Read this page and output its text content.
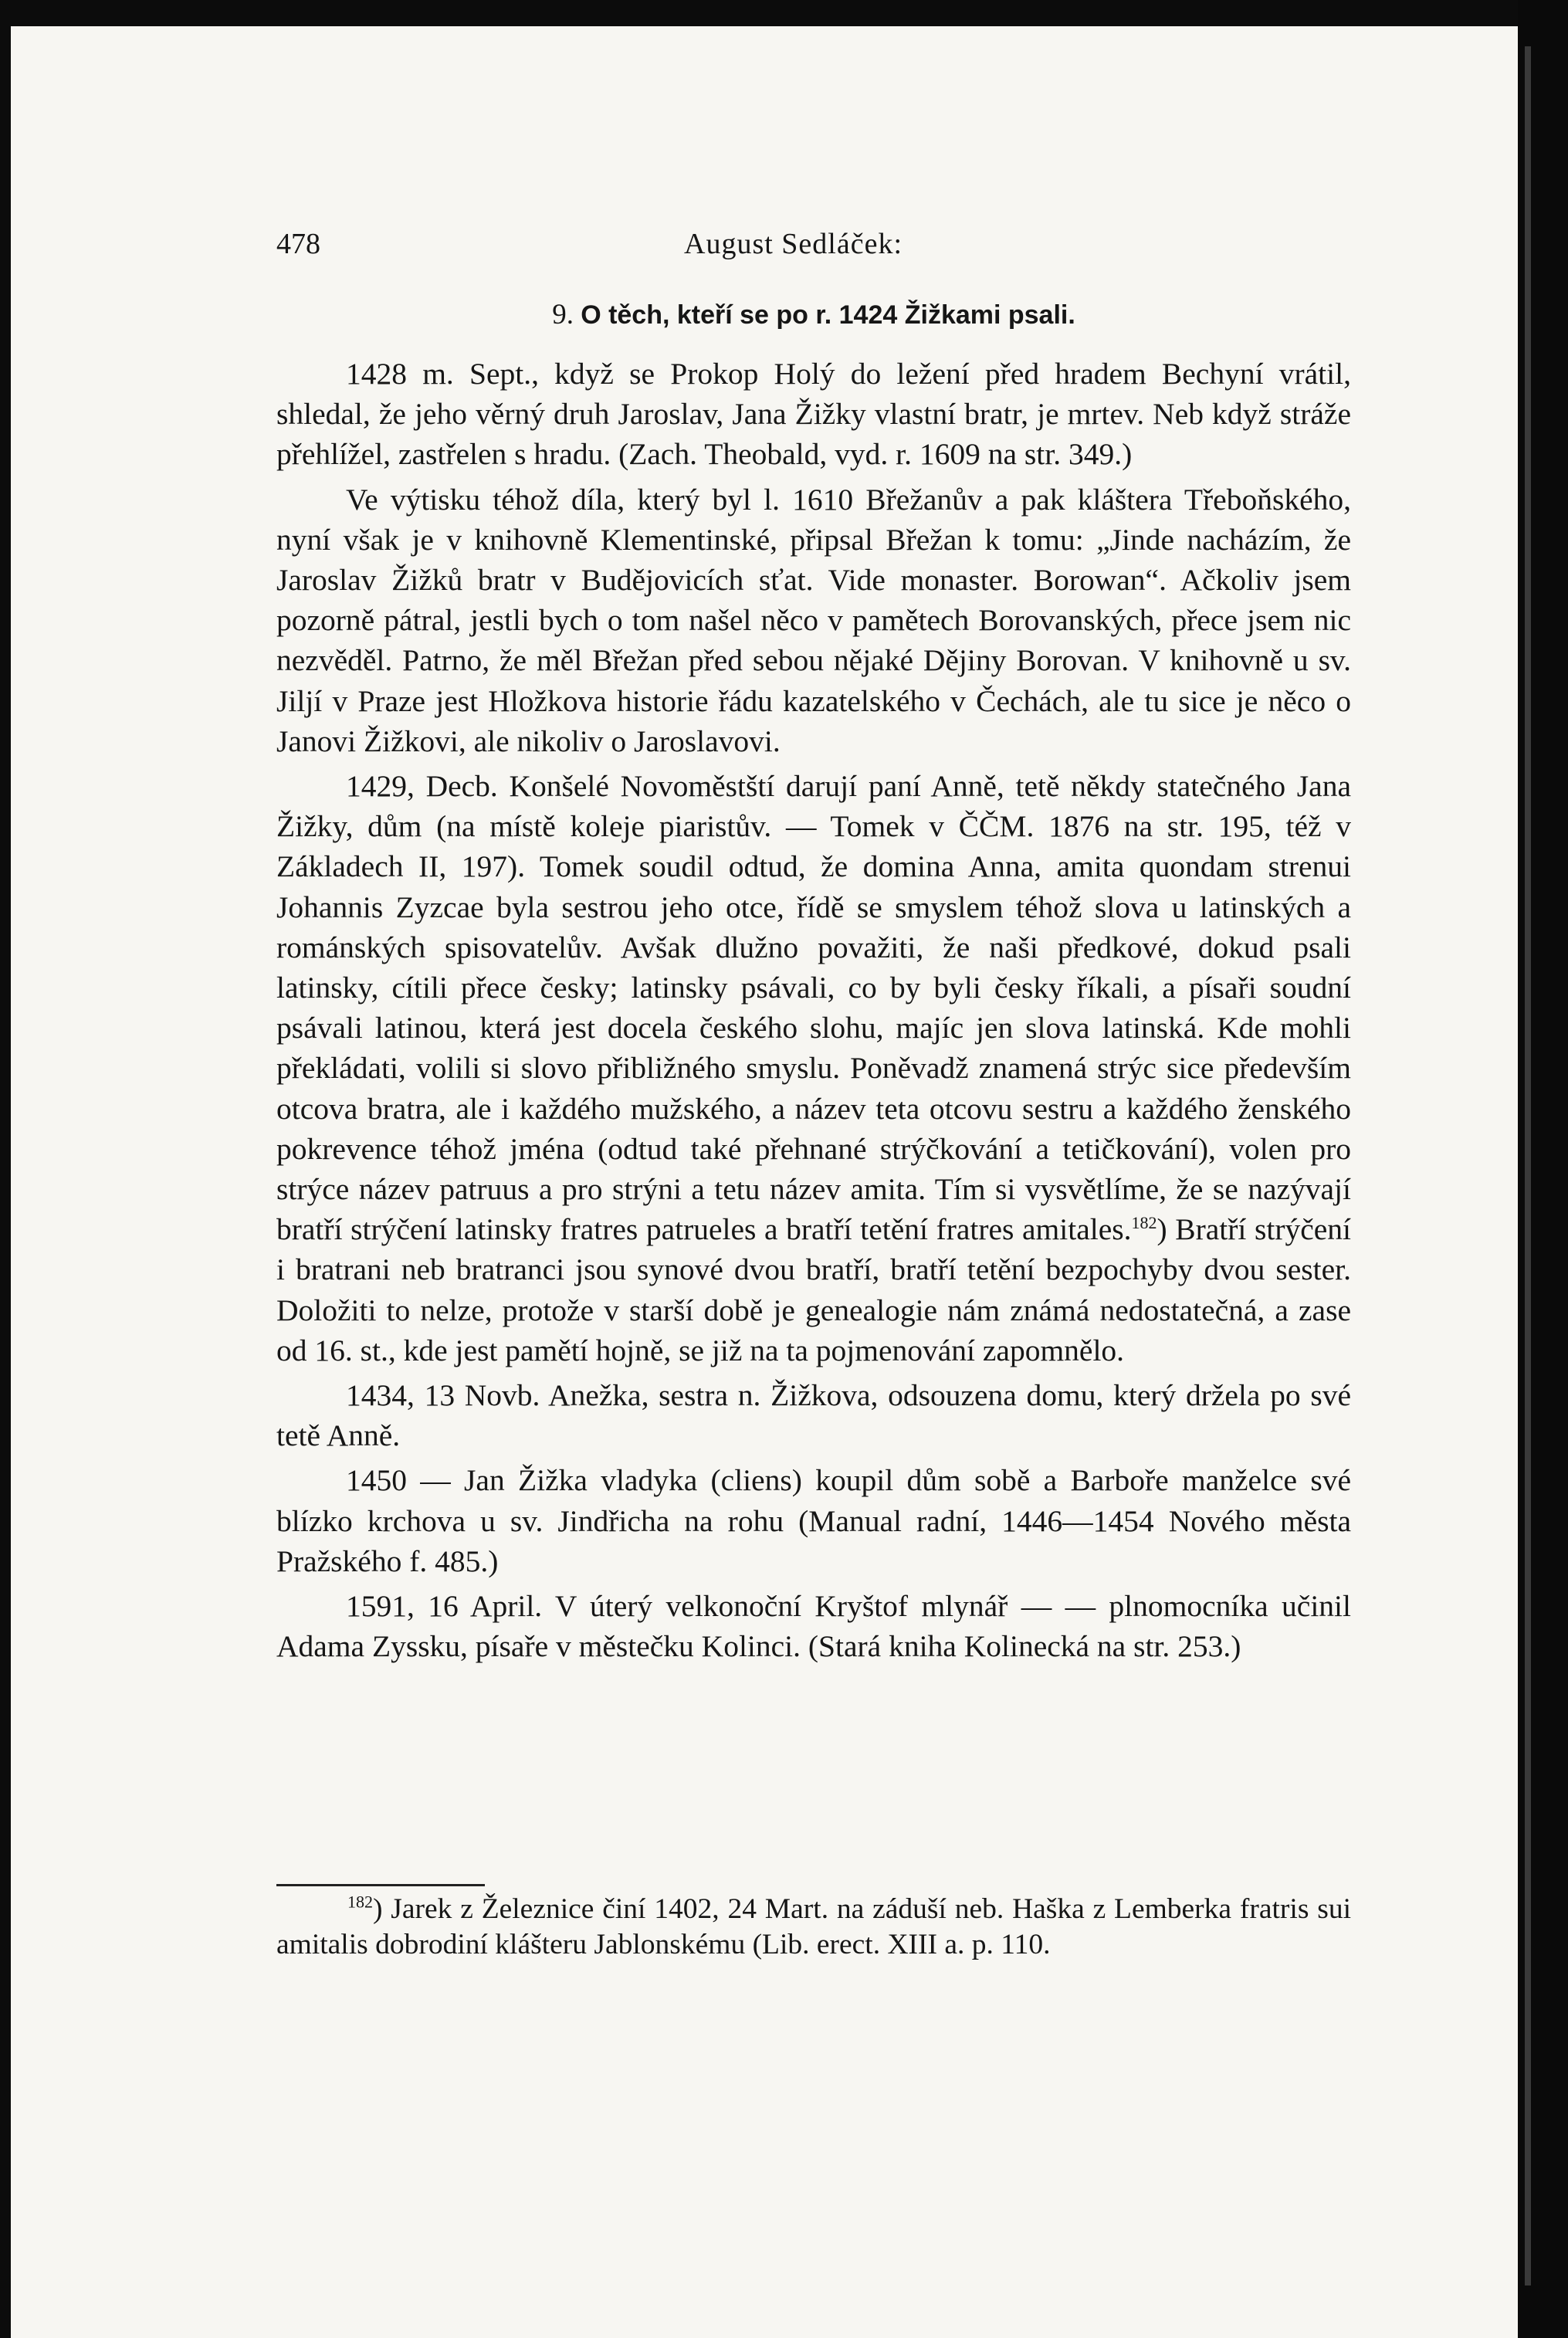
478	August Sedláček:
9. O těch, kteří se po r. 1424 Žižkami psali.

1428 m. Sept., když se Prokop Holý do ležení před hradem Bechyní vrátil, shledal, že jeho věrný druh Jaroslav, Jana Žižky vlastní bratr, je mrtev. Neb když stráže přehlížel, zastřelen s hradu. (Zach. Theobald, vyd. r. 1609 na str. 349.)

Ve výtisku téhož díla, který byl l. 1610 Břežanův a pak kláštera Třeboňského, nyní však je v knihovně Klementinské, připsal Břežan k tomu: „Jinde nacházím, že Jaroslav Žižků bratr v Budějovicích sťat. Vide monaster. Borowan“. Ačkoliv jsem pozorně pátral, jestli bych o tom našel něco v pamětech Borovanských, přece jsem nic nezvěděl. Patrno, že měl Břežan před sebou nějaké Dějiny Borovan. V knihovně u sv. Jiljí v Praze jest Hložkova historie řádu kazatelského v Čechách, ale tu sice je něco o Janovi Žižkovi, ale nikoliv o Jaroslavovi.

1429, Decb. Konšelé Novoměstští darují paní Anně, tetě někdy statečného Jana Žižky, dům (na místě koleje piaristův. — Tomek v ČČM. 1876 na str. 195, též v Základech II, 197). Tomek soudil odtud, že domina Anna, amita quondam strenui Johannis Zyzcae byla sestrou jeho otce, řídě se smyslem téhož slova u latinských a románských spisovatelův. Avšak dlužno považiti, že naši předkové, dokud psali latinsky, cítili přece česky; latinsky psávali, co by byli česky říkali, a písaři soudní psávali latinou, která jest docela českého slohu, majíc jen slova latinská. Kde mohli překládati, volili si slovo přibližného smyslu. Poněvadž znamená strýc sice především otcova bratra, ale i každého mužského, a název teta otcovu sestru a každého ženského pokrevence téhož jména (odtud také přehnané strýčkování a tetičkování), volen pro strýce název patruus a pro strýni a tetu název amita. Tím si vysvětlíme, že se nazývají bratří strýčení latinsky fratres patrueles a bratří tetění fratres amitales.$^{182}$) Bratří strýčení i bratrani neb bratranci jsou synové dvou bratří, bratří tetění bezpochyby dvou sester. Doložiti to nelze, protože v starší době je genealogie nám známá nedostatečná, a zase od 16. st., kde jest pamětí hojně, se již na ta pojmenování zapomnělo.

1434, 13 Novb. Anežka, sestra n. Žižkova, odsouzena domu, který držela po své tetě Anně.

1450 — Jan Žižka vladyka (cliens) koupil dům sobě a Barboře manželce své blízko krchova u sv. Jindřicha na rohu (Manual radní, 1446—1454 Nového města Pražského f. 485.)

1591, 16 April. V úterý velkonoční Kryštof mlynář — — plnomocníka učinil Adama Zyssku, písaře v městečku Kolinci. (Stará kniha Kolinecká na str. 253.)

$^{182}$) Jarek z Železnice činí 1402, 24 Mart. na záduší neb. Haška z Lemberka fratris sui amitalis dobrodiní klášteru Jablonskému (Lib. erect. XIII a. p. 110.
